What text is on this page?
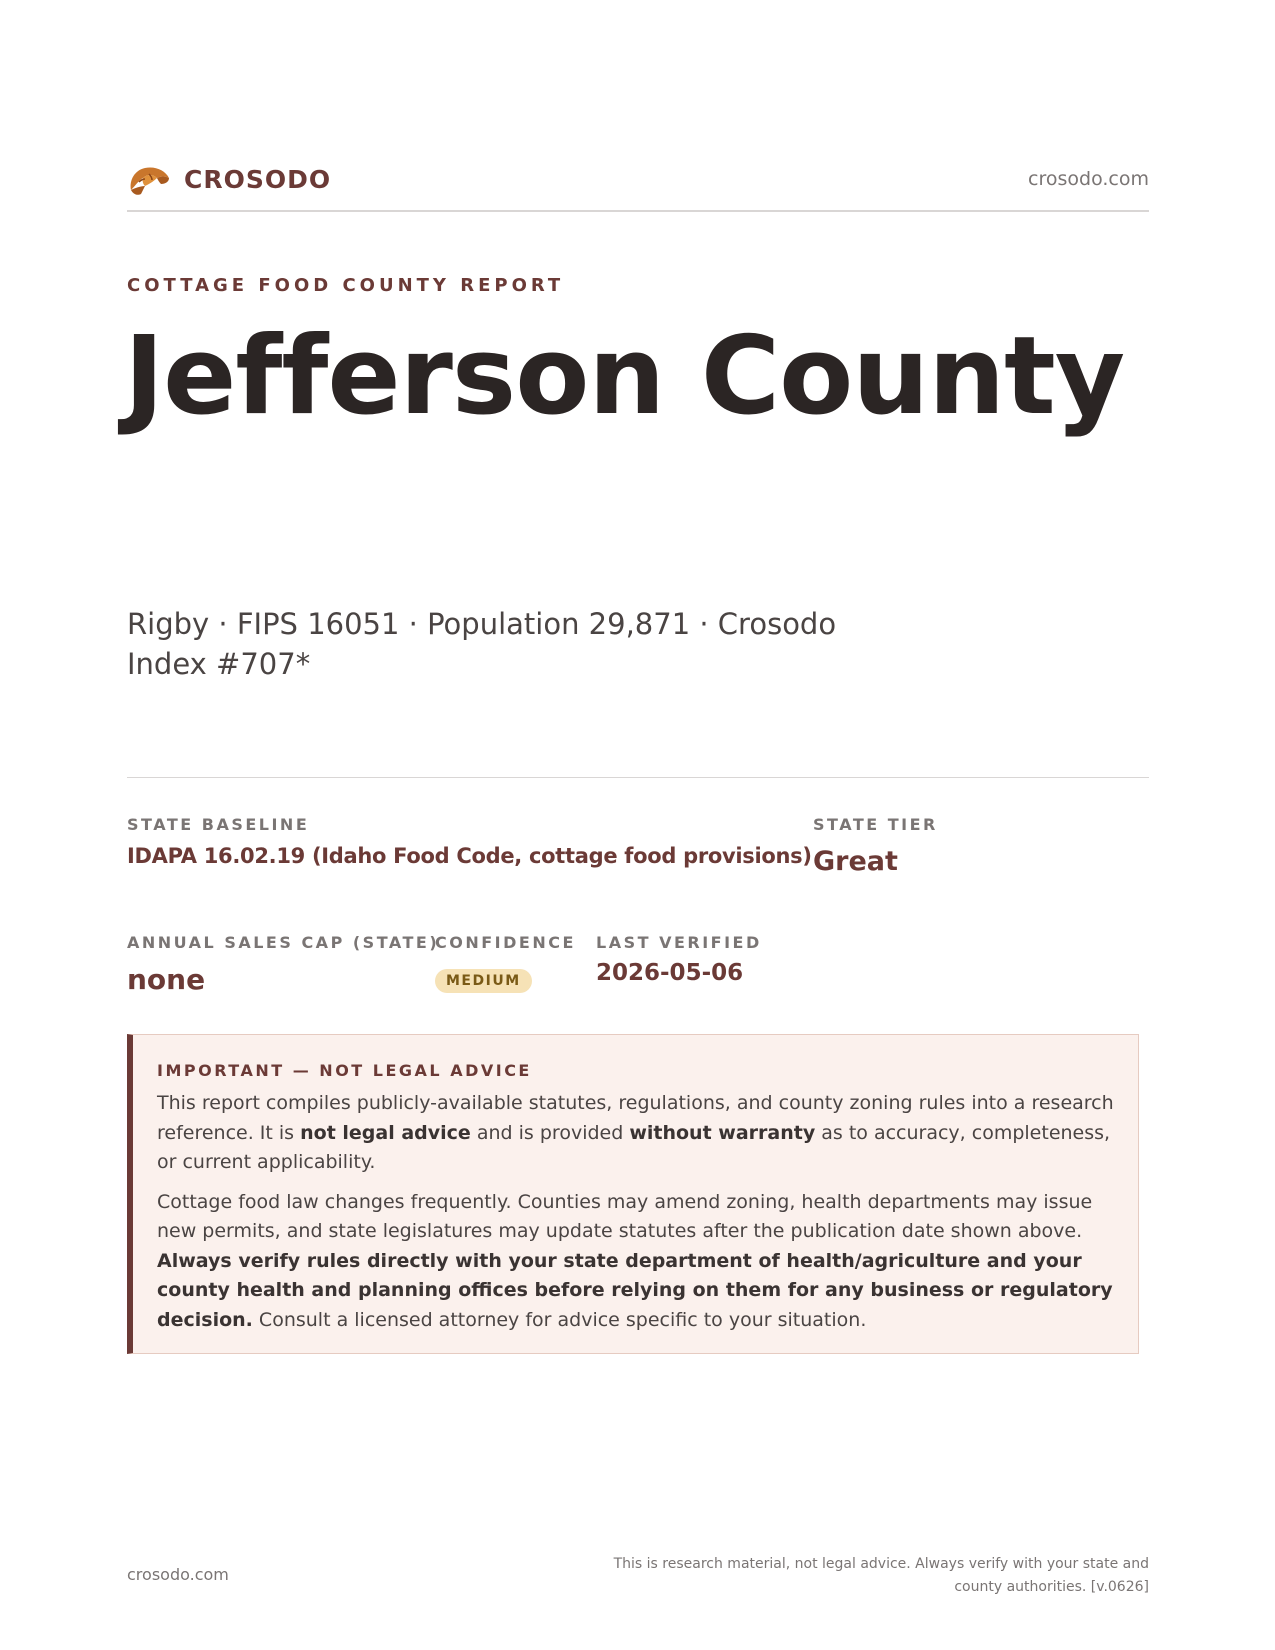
CROSODO	crosodo.com
COTTAGE FOOD COUNTY REPORT
Jefferson County
Rigby · FIPS 16051 · Population 29,871 · Crosodo Index #707*
STATE BASELINE
IDAPA 16.02.19 (Idaho Food Code, cottage food provisions)
STATE TIER
Great
ANNUAL SALES CAP (STATE)
none
CONFIDENCE
MEDIUM
LAST VERIFIED
2026-05-06
IMPORTANT — NOT LEGAL ADVICE

This report compiles publicly-available statutes, regulations, and county zoning rules into a research reference. It is not legal advice and is provided without warranty as to accuracy, completeness, or current applicability.

Cottage food law changes frequently. Counties may amend zoning, health departments may issue new permits, and state legislatures may update statutes after the publication date shown above. Always verify rules directly with your state department of health/agriculture and your county health and planning offices before relying on them for any business or regulatory decision. Consult a licensed attorney for advice specific to your situation.

crosodo.com
This is research material, not legal advice. Always verify with your state and county authorities. [v.0626]
